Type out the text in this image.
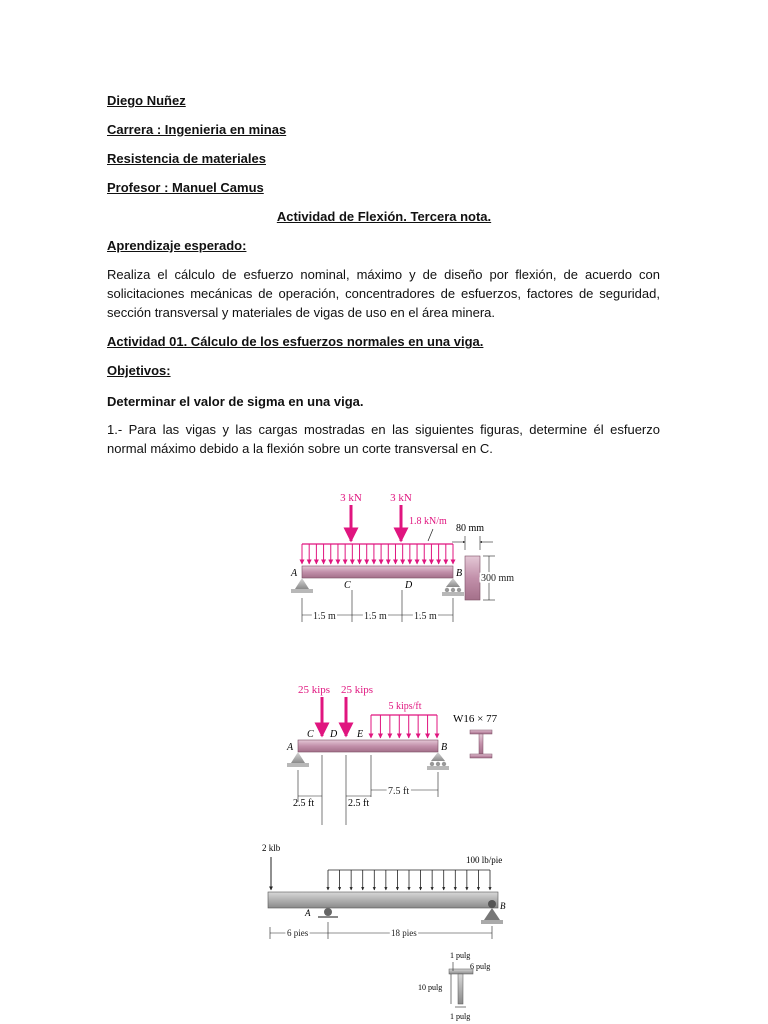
Diego Nuñez
Carrera : Ingenieria en minas
Resistencia de materiales
Profesor : Manuel Camus
Actividad de Flexión. Tercera nota.
Aprendizaje esperado:
Realiza el cálculo de esfuerzo nominal, máximo y de diseño por flexión, de acuerdo con solicitaciones mecánicas de operación, concentradores de esfuerzos, factores de seguridad, sección transversal y materiales de vigas de uso en el área minera.
Actividad 01. Cálculo de los esfuerzos normales en una viga.
Objetivos:
Determinar el valor de sigma en una viga.
1.- Para las vigas y las cargas mostradas en las siguientes figuras, determine él esfuerzo normal máximo debido a la flexión sobre un corte transversal en C.
3 kN	3 kN
1.8 kN/m
A	B
C	D
1.5 m	1.5 m	1.5 m
80 mm
300 mm
25 kips 25 kips
5 kips/ft
A	B
C D E
2.5 ft	2.5 ft
7.5 ft
W16 × 77
2 klb
100 lb/pie
A
B
6 pies	18 pies
1 pulg
6 pulg
10 pulg
1 pulg
